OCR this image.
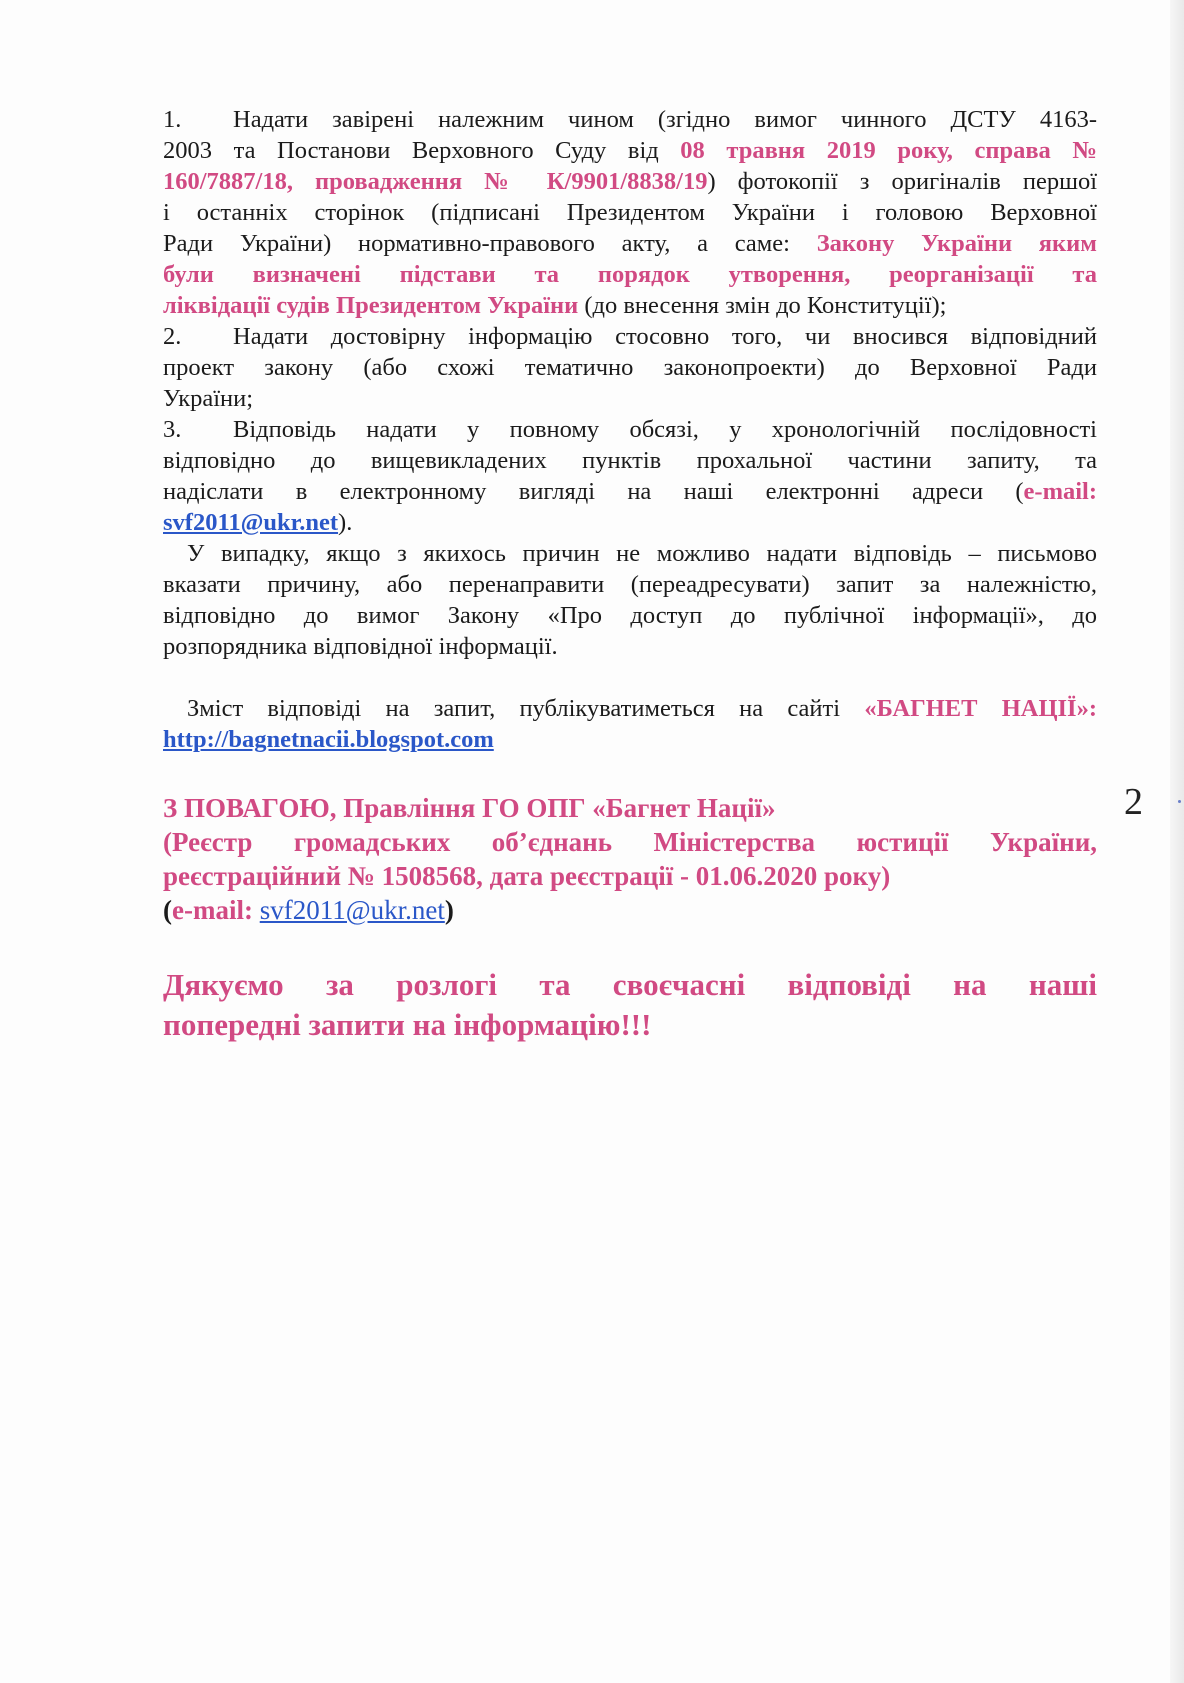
1. Надати завірені належним чином (згідно вимог чинного ДСТУ 4163-
2003 та Постанови Верховного Суду від 08 травня 2019 року, справа №
160/7887/18, провадження № К/9901/8838/19) фотокопії з оригіналів першої
і останніх сторінок (підписані Президентом України і головою Верховної
Ради України) нормативно-правового акту, а саме: Закону України яким
були визначені підстави та порядок утворення, реорганізації та
ліквідації судів Президентом України (до внесення змін до Конституції);
2. Надати достовірну інформацію стосовно того, чи вносився відповідний
проект закону (або схожі тематично законопроекти) до Верховної Ради
України;
3. Відповідь надати у повному обсязі, у хронологічній послідовності
відповідно до вищевикладених пунктів прохальної частини запиту, та
надіслати в електронному вигляді на наші електронні адреси (e-mail:
svf2011@ukr.net).
У випадку, якщо з якихось причин не можливо надати відповідь – письмово
вказати причину, або перенаправити (переадресувати) запит за належністю,
відповідно до вимог Закону «Про доступ до публічної інформації», до
розпорядника відповідної інформації.
Зміст відповіді на запит, публікуватиметься на сайті «БАГНЕТ НАЦІЇ»:
http://bagnetnacii.blogspot.com
З ПОВАГОЮ, Правління ГО ОПГ «Багнет Нації»
(Реєстр громадських об’єднань Міністерства юстиції України,
реєстраційний № 1508568, дата реєстрації - 01.06.2020 року)
(e-mail: svf2011@ukr.net)
Дякуємо за розлогі та своєчасні відповіді на наші
попередні запити на інформацію!!!
2
